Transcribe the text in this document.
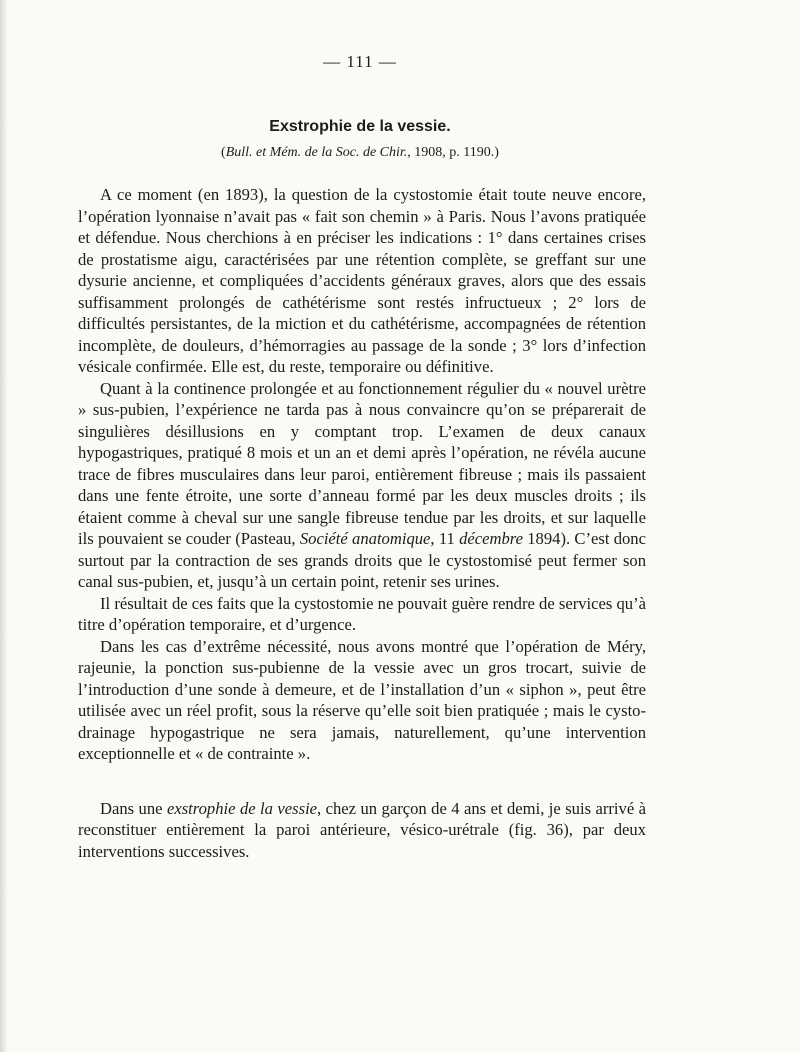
— 111 —
Exstrophie de la vessie.
(Bull. et Mém. de la Soc. de Chir., 1908, p. 1190.)

A ce moment (en 1893), la question de la cystostomie était toute neuve encore, l’opération lyonnaise n’avait pas « fait son chemin » à Paris. Nous l’avons pratiquée et défendue. Nous cherchions à en préciser les indications : 1° dans certaines crises de prostatisme aigu, caractérisées par une rétention complète, se greffant sur une dysurie ancienne, et compliquées d’accidents généraux graves, alors que des essais suffisamment prolongés de cathétérisme sont restés infructueux ; 2° lors de difficultés persistantes, de la miction et du cathétérisme, accompagnées de rétention incomplète, de douleurs, d’hémorragies au passage de la sonde ; 3° lors d’infection vésicale confirmée. Elle est, du reste, temporaire ou définitive.

Quant à la continence prolongée et au fonctionnement régulier du « nouvel urètre » sus-pubien, l’expérience ne tarda pas à nous convaincre qu’on se préparerait de singulières désillusions en y comptant trop. L’examen de deux canaux hypogastriques, pratiqué 8 mois et un an et demi après l’opération, ne révéla aucune trace de fibres musculaires dans leur paroi, entièrement fibreuse ; mais ils passaient dans une fente étroite, une sorte d’anneau formé par les deux muscles droits ; ils étaient comme à cheval sur une sangle fibreuse tendue par les droits, et sur laquelle ils pouvaient se couder (Pasteau, Société anatomique, 11 décembre 1894). C’est donc surtout par la contraction de ses grands droits que le cystostomisé peut fermer son canal sus-pubien, et, jusqu’à un certain point, retenir ses urines.

Il résultait de ces faits que la cystostomie ne pouvait guère rendre de services qu’à titre d’opération temporaire, et d’urgence.

Dans les cas d’extrême nécessité, nous avons montré que l’opération de Méry, rajeunie, la ponction sus-pubienne de la vessie avec un gros trocart, suivie de l’introduction d’une sonde à demeure, et de l’installation d’un « siphon », peut être utilisée avec un réel profit, sous la réserve qu’elle soit bien pratiquée ; mais le cysto-drainage hypogastrique ne sera jamais, naturellement, qu’une intervention exceptionnelle et « de contrainte ».

Dans une exstrophie de la vessie, chez un garçon de 4 ans et demi, je suis arrivé à reconstituer entièrement la paroi antérieure, vésico-urétrale (fig. 36), par deux interventions successives.
